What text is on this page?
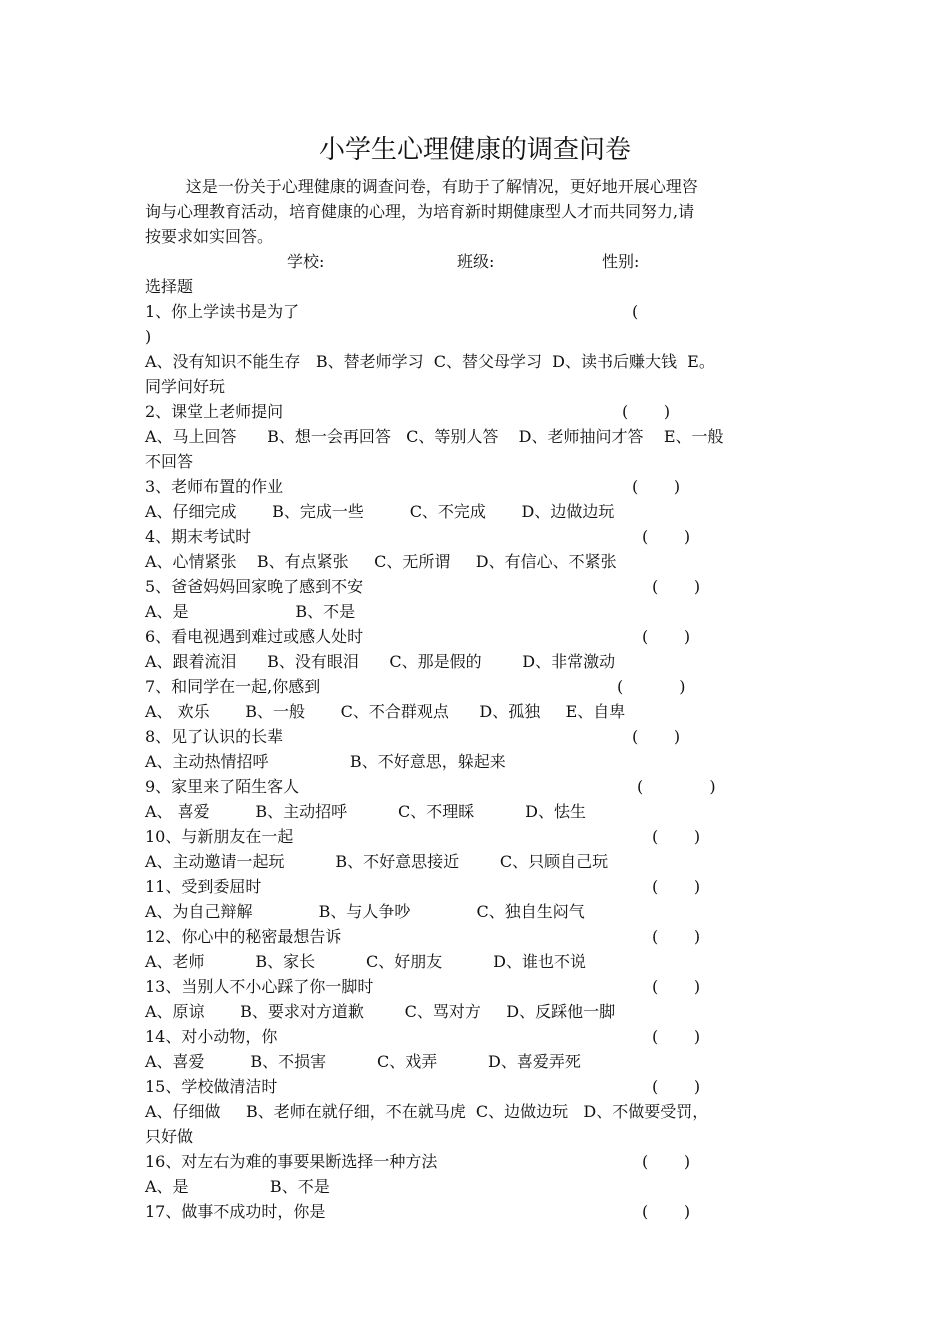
小学生心理健康的调查问卷
这是一份关于心理健康的调查问卷，有助于了解情况，更好地开展心理咨
询与心理教育活动，培育健康的心理，为培育新时期健康型人才而共同努力,请
按要求如实回答。
学校:	班级:	性别:
选择题
1、你上学读书是为了	(
)
A、没有知识不能生存   B、替老师学习  C、替父母学习  D、读书后赚大钱  E。
同学问好玩
2、课堂上老师提问	(       )
A、马上回答      B、想一会再回答   C、等别人答    D、老师抽问才答    E、一般
不回答
3、老师布置的作业	(       )
A、仔细完成       B、完成一些         C、不完成       D、边做边玩
4、期末考试时	(       )
A、心情紧张    B、有点紧张     C、无所谓     D、有信心、不紧张
5、爸爸妈妈回家晚了感到不安	(       )
A、是                     B、不是
6、看电视遇到难过或感人处时	(       )
A、跟着流泪      B、没有眼泪      C、那是假的        D、非常激动
7、和同学在一起,你感到	(           )
A、 欢乐       B、一般       C、不合群观点      D、孤独     E、自卑
8、见了认识的长辈	(       )
A、主动热情招呼                B、不好意思，躲起来
9、家里来了陌生客人	(             )
A、 喜爱         B、主动招呼          C、不理睬          D、怯生
10、与新朋友在一起	(       )
A、主动邀请一起玩          B、不好意思接近        C、只顾自己玩
11、受到委屈时	(       )
A、为自己辩解             B、与人争吵             C、独自生闷气
12、你心中的秘密最想告诉	(       )
A、老师          B、家长          C、好朋友          D、谁也不说
13、当别人不小心踩了你一脚时	(       )
A、原谅       B、要求对方道歉        C、骂对方     D、反踩他一脚
14、对小动物，你	(       )
A、喜爱         B、不损害          C、戏弄          D、喜爱弄死
15、学校做清洁时	(       )
A、仔细做     B、老师在就仔细，不在就马虎  C、边做边玩   D、不做要受罚，
只好做
16、对左右为难的事要果断选择一种方法	(       )
A、是                B、不是
17、做事不成功时，你是	(       )
